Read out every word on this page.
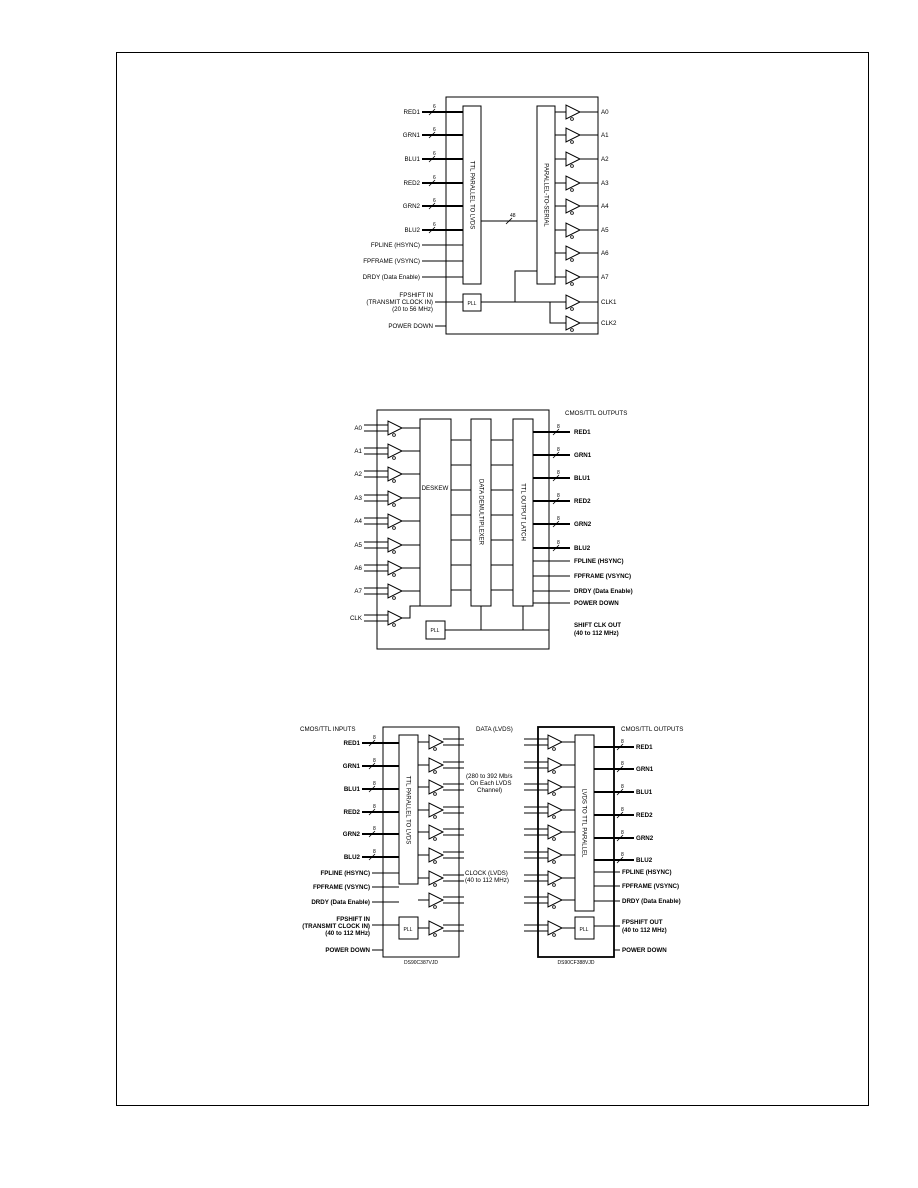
TTL PARALLEL TO LVDS	PARALLEL-TO-SERIAL
48
RED1
6
GRN1
6
BLU1
6
RED2
6
GRN2
6
BLU2
6
FPLINE (HSYNC)
FPFRAME (VSYNC)
DRDY (Data Enable)
FPSHIFT IN
(TRANSMIT CLOCK IN)
(20 to 56 MHz)
PLL
POWER DOWN
A0
A1
A2
A3
A4
A5
A6
A7
CLK1
CLK2
DESKEW	DATA DEMULTIPLEXER	TTL OUTPUT LATCH
A0
A1
A2
A3
A4
A5
A6
A7
CLK
PLL
CMOS/TTL OUTPUTS
8
RED1
8
GRN1
8
BLU1
8
RED2
8
GRN2
8
BLU2
FPLINE (HSYNC)
FPFRAME (VSYNC)
DRDY (Data Enable)
POWER DOWN
SHIFT CLK OUT
(40 to 112 MHz)
TTL PARALLEL TO LVDS
PLL
DS90C387VJD
CMOS/TTL INPUTS
RED1
8
GRN1
8
BLU1
8
RED2
8
GRN2
8
BLU2
8
FPLINE (HSYNC)
FPFRAME (VSYNC)
DRDY (Data Enable)
FPSHIFT IN
(TRANSMIT CLOCK IN)
(40 to 112 MHz)
POWER DOWN
DATA (LVDS)
(280 to 392 Mb/s
On Each LVDS
Channel)
CLOCK (LVDS)
(40 to 112 MHz)
LVDS TO TTL PARALLEL
PLL
DS90CF388VJD
CMOS/TTL OUTPUTS
8
RED1
8
GRN1
8
BLU1
8
RED2
8
GRN2
8
BLU2
FPLINE (HSYNC)
FPFRAME (VSYNC)
DRDY (Data Enable)
FPSHIFT OUT
(40 to 112 MHz)
POWER DOWN
